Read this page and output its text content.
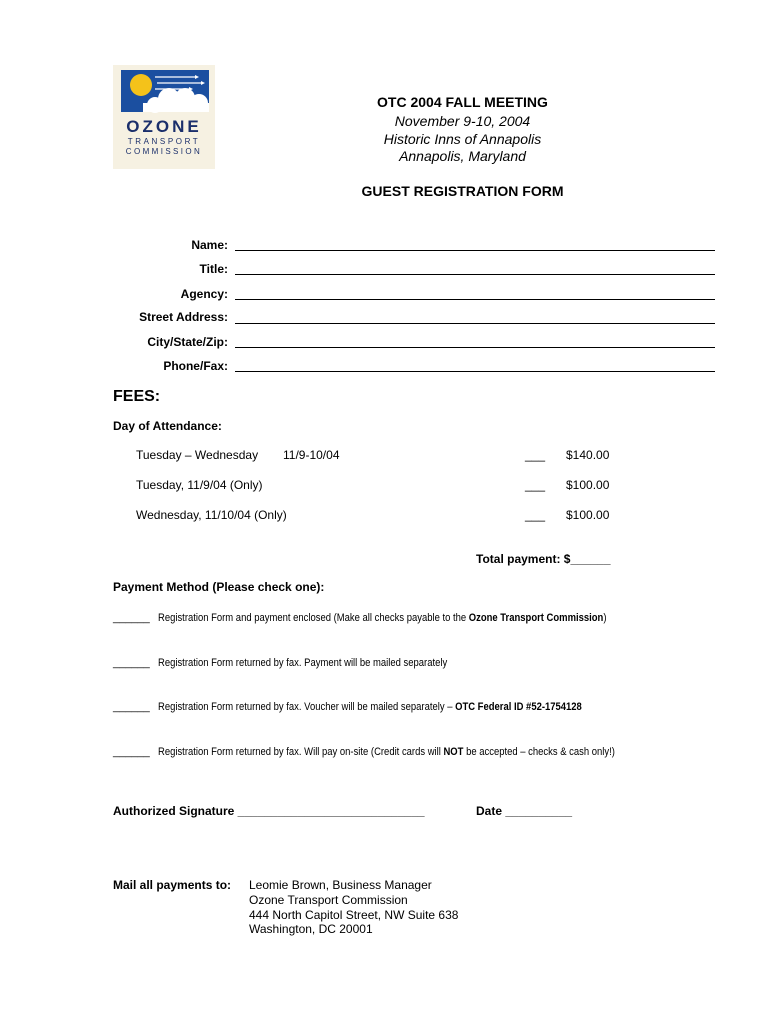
OZONE
TRANSPORT
COMMISSION
OTC 2004 FALL MEETING
November 9-10, 2004
Historic Inns of Annapolis
Annapolis, Maryland
GUEST REGISTRATION FORM
Name:
Title:
Agency:
Street Address:
City/State/Zip:
Phone/Fax:
FEES:
Day of Attendance:
Tuesday – Wednesday 11/9-10/04	___ $140.00
Tuesday, 11/9/04 (Only)	___ $100.00
Wednesday, 11/10/04 (Only)	___ $100.00
Total payment: $______
Payment Method (Please check one):
______ Registration Form and payment enclosed (Make all checks payable to the Ozone Transport Commission)
______ Registration Form returned by fax. Payment will be mailed separately
______ Registration Form returned by fax. Voucher will be mailed separately – OTC Federal ID #52-1754128
______ Registration Form returned by fax. Will pay on-site (Credit cards will NOT be accepted – checks & cash only!)
Authorized Signature ____________________________	Date __________
Mail all payments to: Leomie Brown, Business Manager
Ozone Transport Commission
444 North Capitol Street, NW Suite 638
Washington, DC 20001
